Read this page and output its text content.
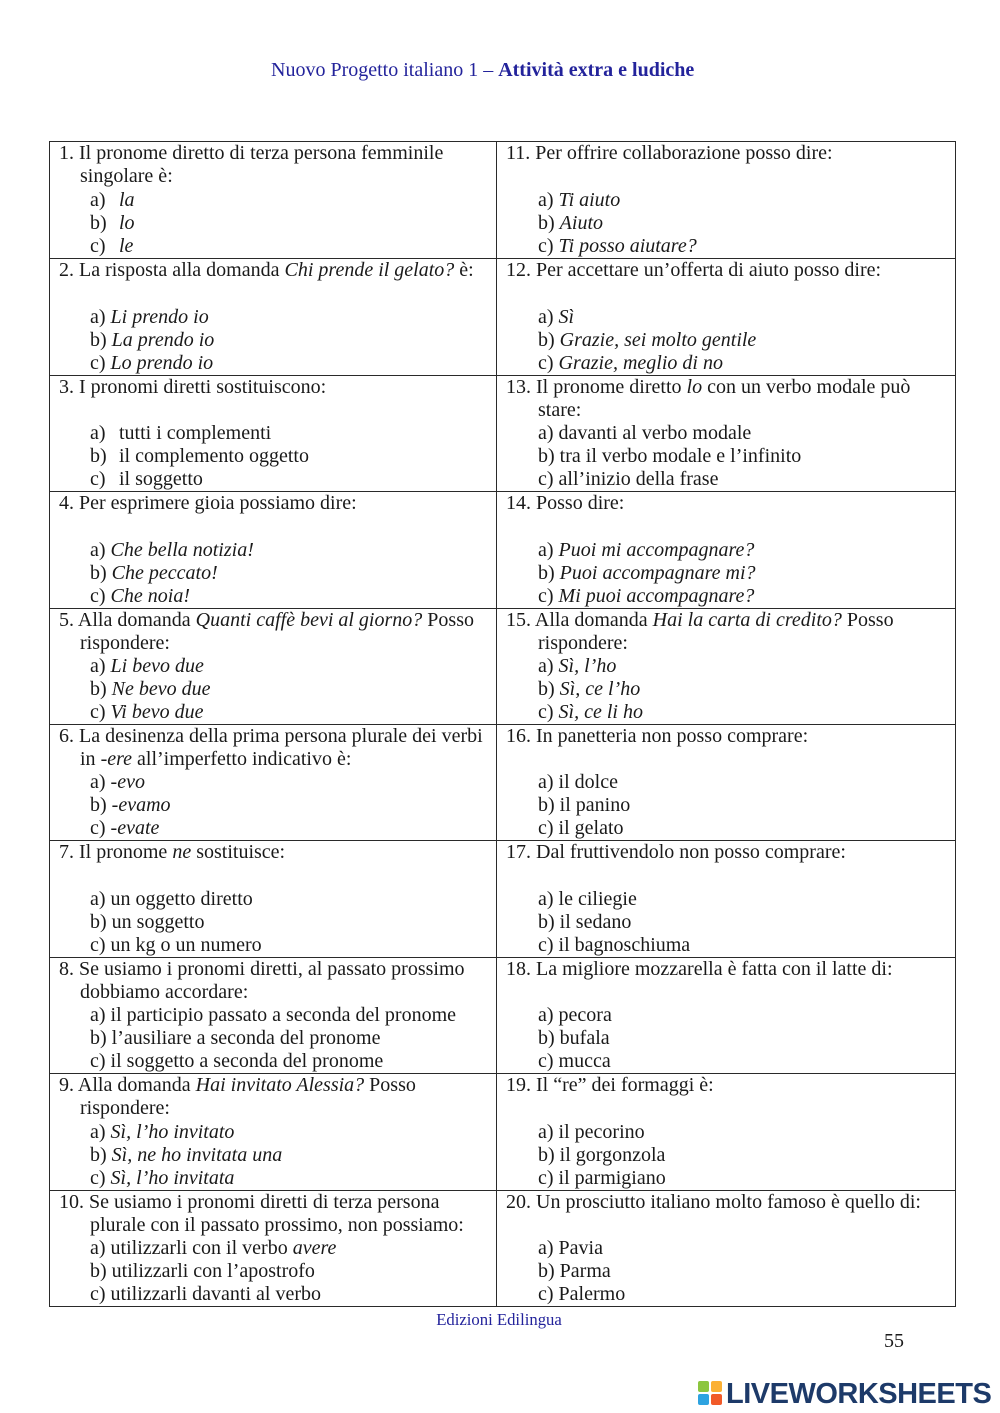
Nuovo Progetto italiano 1 – Attività extra e ludiche
1. Il pronome diretto di terza persona femminile
singolare è:
a) la
b) lo
c) le
11. Per offrire collaborazione posso dire:
a) Ti aiuto
b) Aiuto
c) Ti posso aiutare?
2. La risposta alla domanda Chi prende il gelato? è:
a) Li prendo io
b) La prendo io
c) Lo prendo io
12. Per accettare un’offerta di aiuto posso dire:
a) Sì
b) Grazie, sei molto gentile
c) Grazie, meglio di no
3. I pronomi diretti sostituiscono:
a) tutti i complementi
b) il complemento oggetto
c) il soggetto
13. Il pronome diretto lo con un verbo modale può
stare:
a) davanti al verbo modale
b) tra il verbo modale e l’infinito
c) all’inizio della frase
4. Per esprimere gioia possiamo dire:
a) Che bella notizia!
b) Che peccato!
c) Che noia!
14. Posso dire:
a) Puoi mi accompagnare?
b) Puoi accompagnare mi?
c) Mi puoi accompagnare?
5. Alla domanda Quanti caffè bevi al giorno? Posso
rispondere:
a) Li bevo due
b) Ne bevo due
c) Vi bevo due
15. Alla domanda Hai la carta di credito? Posso
rispondere:
a) Sì, l’ho
b) Sì, ce l’ho
c) Sì, ce li ho
6. La desinenza della prima persona plurale dei verbi
in -ere all’imperfetto indicativo è:
a) -evo
b) -evamo
c) -evate
16. In panetteria non posso comprare:
a) il dolce
b) il panino
c) il gelato
7. Il pronome ne sostituisce:
a) un oggetto diretto
b) un soggetto
c) un kg o un numero
17. Dal fruttivendolo non posso comprare:
a) le ciliegie
b) il sedano
c) il bagnoschiuma
8. Se usiamo i pronomi diretti, al passato prossimo
dobbiamo accordare:
a) il participio passato a seconda del pronome
b) l’ausiliare a seconda del pronome
c) il soggetto a seconda del pronome
18. La migliore mozzarella è fatta con il latte di:
a) pecora
b) bufala
c) mucca
9. Alla domanda Hai invitato Alessia? Posso
rispondere:
a) Sì, l’ho invitato
b) Sì, ne ho invitata una
c) Sì, l’ho invitata
19. Il “re” dei formaggi è:
a) il pecorino
b) il gorgonzola
c) il parmigiano
10. Se usiamo i pronomi diretti di terza persona
plurale con il passato prossimo, non possiamo:
a) utilizzarli con il verbo avere
b) utilizzarli con l’apostrofo
c) utilizzarli davanti al verbo
20. Un prosciutto italiano molto famoso è quello di:
a) Pavia
b) Parma
c) Palermo
Edizioni Edilingua
55
LIVEWORKSHEETS
